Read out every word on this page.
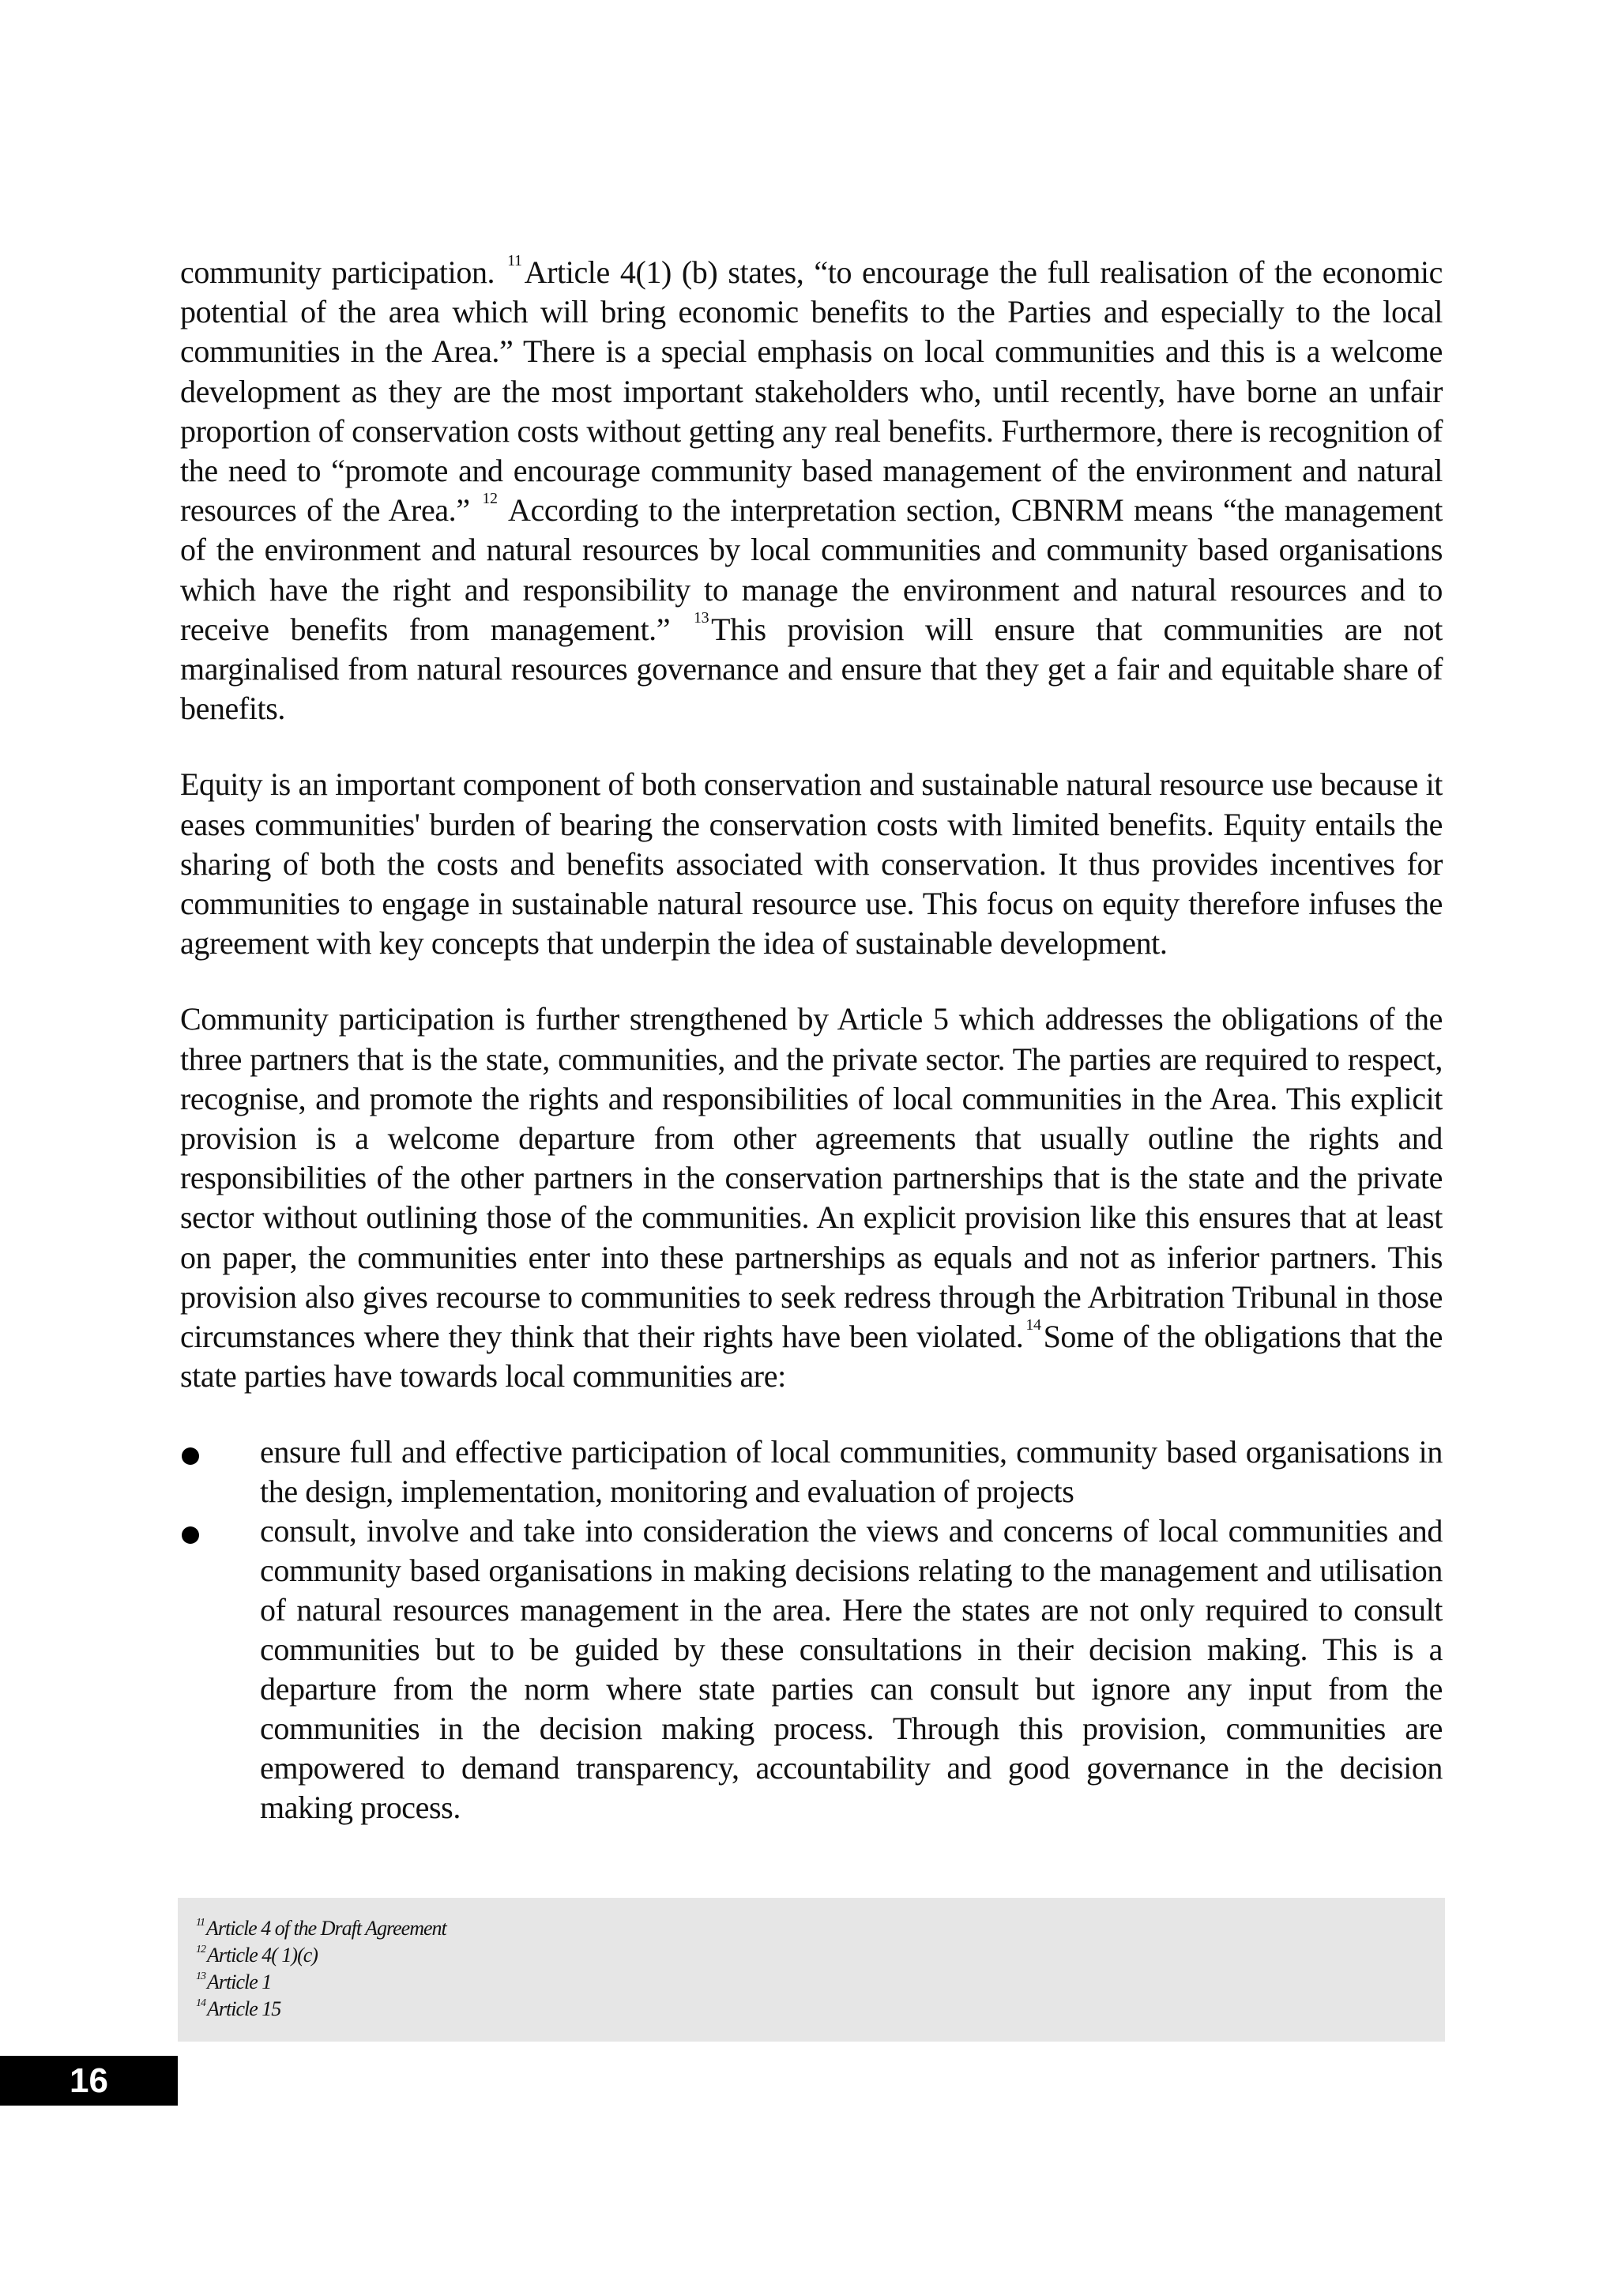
community participation. $^{11}$Article 4(1) (b) states, “to encourage the full realisation of the economic potential of the area which will bring economic benefits to the Parties and especially to the local communities in the Area.” There is a special emphasis on local communities and this is a welcome development as they are the most important stakeholders who, until recently, have borne an unfair proportion of conservation costs without getting any real benefits. Furthermore, there is recognition of the need to “promote and encourage community based management of the environment and natural resources of the Area.” $^{12}$ According to the interpretation section, CBNRM means “the management of the environment and natural resources by local communities and community based organisations which have the right and responsibility to manage the environment and natural resources and to receive benefits from management.” $^{13}$This provision will ensure that communities are not marginalised from natural resources governance and ensure that they get a fair and equitable share of benefits.

Equity is an important component of both conservation and sustainable natural resource use because it eases communities' burden of bearing the conservation costs with limited benefits. Equity entails the sharing of both the costs and benefits associated with conservation. It thus provides incentives for communities to engage in sustainable natural resource use. This focus on equity therefore infuses the agreement with key concepts that underpin the idea of sustainable development.

Community participation is further strengthened by Article 5 which addresses the obligations of the three partners that is the state, communities, and the private sector. The parties are required to respect, recognise, and promote the rights and responsibilities of local communities in the Area. This explicit provision is a welcome departure from other agreements that usually outline the rights and responsibilities of the other partners in the conservation partnerships that is the state and the private sector without outlining those of the communities. An explicit provision like this ensures that at least on paper, the communities enter into these partnerships as equals and not as inferior partners. This provision also gives recourse to communities to seek redress through the Arbitration Tribunal in those circumstances where they think that their rights have been violated. $^{14}$Some of the obligations that the state parties have towards local communities are:

ensure full and effective participation of local communities, community based organisations in the design, implementation, monitoring and evaluation of projects
consult, involve and take into consideration the views and concerns of local communities and community based organisations in making decisions relating to the management and utilisation of natural resources management in the area. Here the states are not only required to consult communities but to be guided by these consultations in their decision making. This is a departure from the norm where state parties can consult but ignore any input from the communities in the decision making process. Through this provision, communities are empowered to demand transparency, accountability and good governance in the decision making process.
$^{11}$Article 4 of the Draft Agreement
$^{12}$Article 4( 1)(c)
$^{13}$Article 1
$^{14}$Article 15
16
